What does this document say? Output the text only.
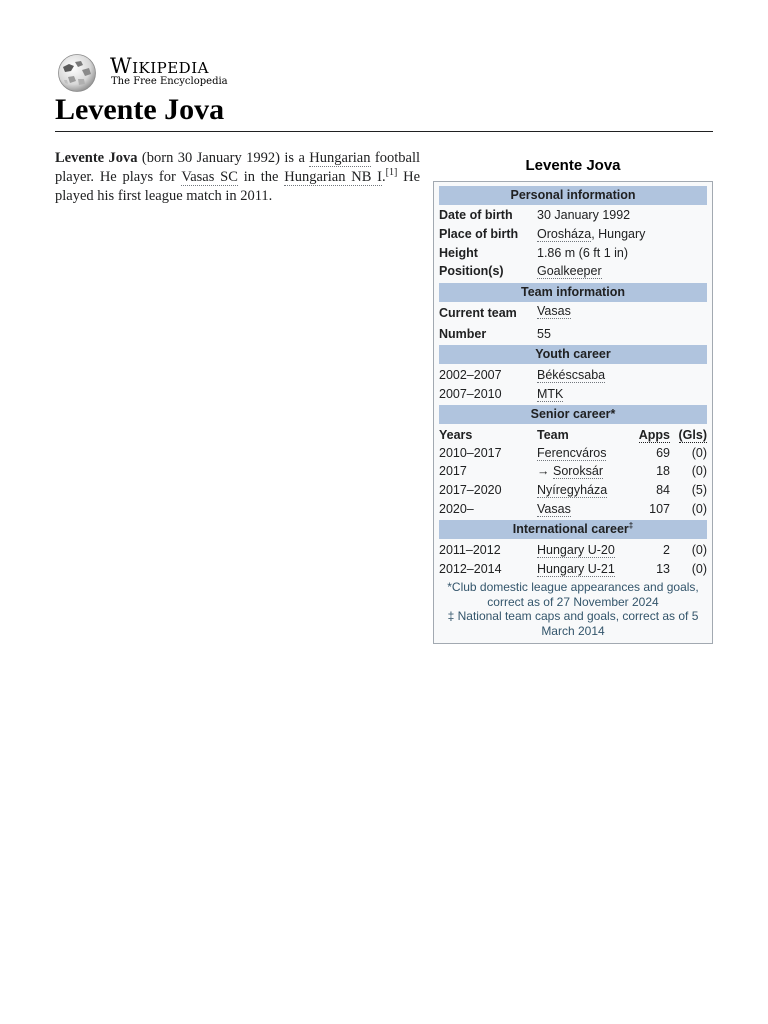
Wikipedia
The Free Encyclopedia
Levente Jova

Levente Jova (born 30 January 1992) is a Hungarian football player. He plays for Vasas SC in the Hungarian NB I.[1] He played his first league match in 2011.

Levente Jova
Personal information
Date of birth 30 January 1992
Place of birth Orosháza, Hungary
Height	1.86 m (6 ft 1 in)
Position(s)	Goalkeeper
Team information
Current team Vasas
Number	55
Youth career
2002–2007	Békéscsaba
2007–2010	MTK
Senior career*
Years	Team	Apps (Gls)
2010–2017	Ferencváros	69 (0)
2017	→ Soroksár	18 (0)
2017–2020	Nyíregyháza	84 (5)
2020–	Vasas	107 (0)
International career‡
2011–2012	Hungary U-20	2 (0)
2012–2014	Hungary U-21	13 (0)
*Club domestic league appearances and goals, correct as of 27 November 2024
‡ National team caps and goals, correct as of 5 March 2014
